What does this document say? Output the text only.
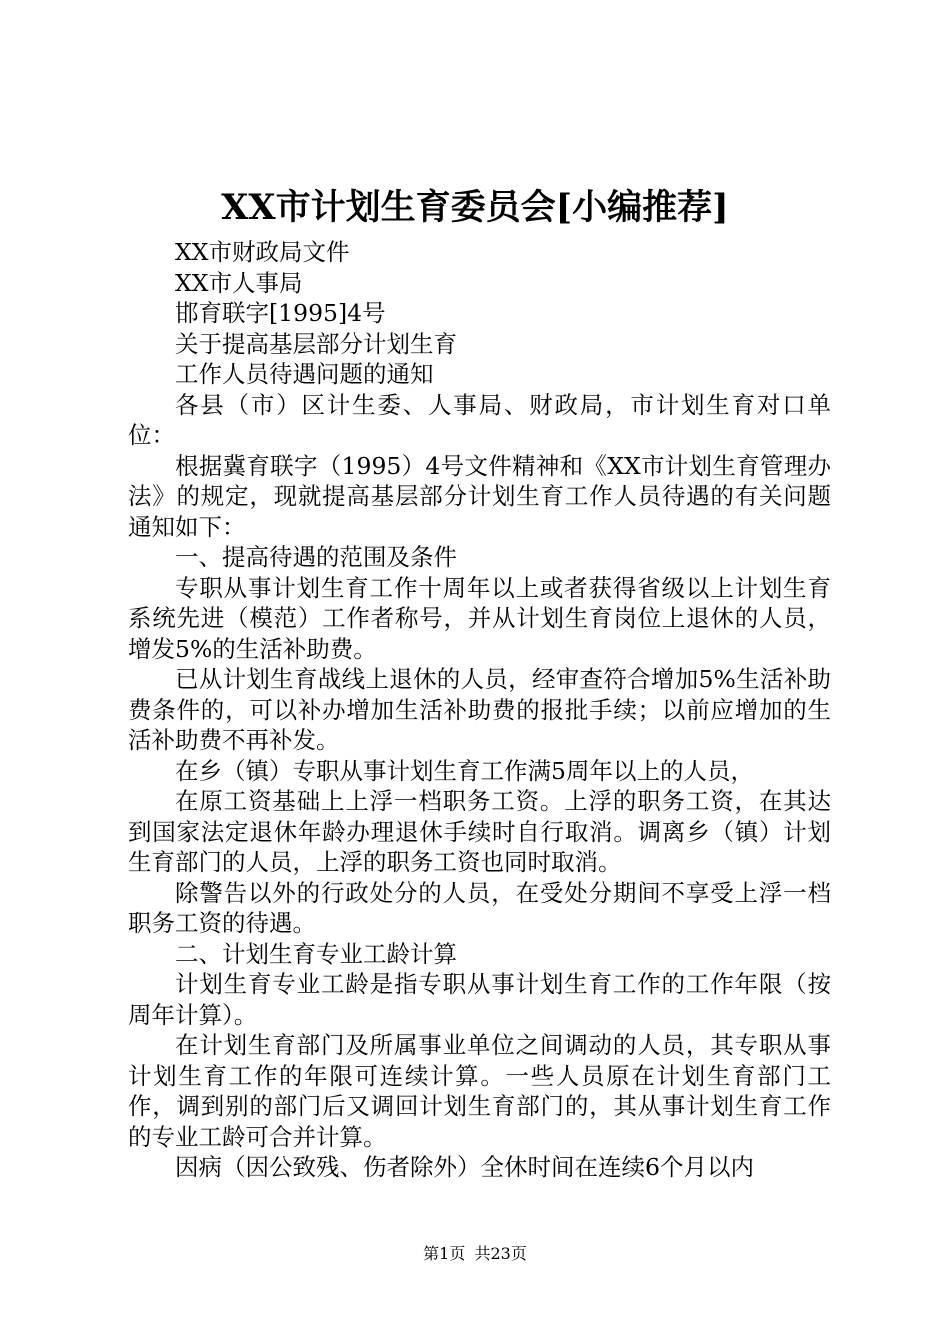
XX市计划生育委员会[小编推荐]

XX市财政局文件

XX市人事局

邯育联字[1995]4号

关于提高基层部分计划生育

工作人员待遇问题的通知

各县（市）区计生委、人事局、财政局，市计划生育对口单位：

根据冀育联字（1995）4号文件精神和《XX市计划生育管理办法》的规定，现就提高基层部分计划生育工作人员待遇的有关问题通知如下：

一、提高待遇的范围及条件

专职从事计划生育工作十周年以上或者获得省级以上计划生育系统先进（模范）工作者称号，并从计划生育岗位上退休的人员，增发5%的生活补助费。

已从计划生育战线上退休的人员，经审查符合增加5%生活补助费条件的，可以补办增加生活补助费的报批手续；以前应增加的生活补助费不再补发。

在乡（镇）专职从事计划生育工作满5周年以上的人员，

在原工资基础上上浮一档职务工资。上浮的职务工资，在其达到国家法定退休年龄办理退休手续时自行取消。调离乡（镇）计划生育部门的人员，上浮的职务工资也同时取消。

除警告以外的行政处分的人员，在受处分期间不享受上浮一档职务工资的待遇。

二、计划生育专业工龄计算

计划生育专业工龄是指专职从事计划生育工作的工作年限（按周年计算）。

在计划生育部门及所属事业单位之间调动的人员，其专职从事计划生育工作的年限可连续计算。一些人员原在计划生育部门工作，调到别的部门后又调回计划生育部门的，其从事计划生育工作的专业工龄可合并计算。

因病（因公致残、伤者除外）全休时间在连续6个月以内

第1页 共23页
